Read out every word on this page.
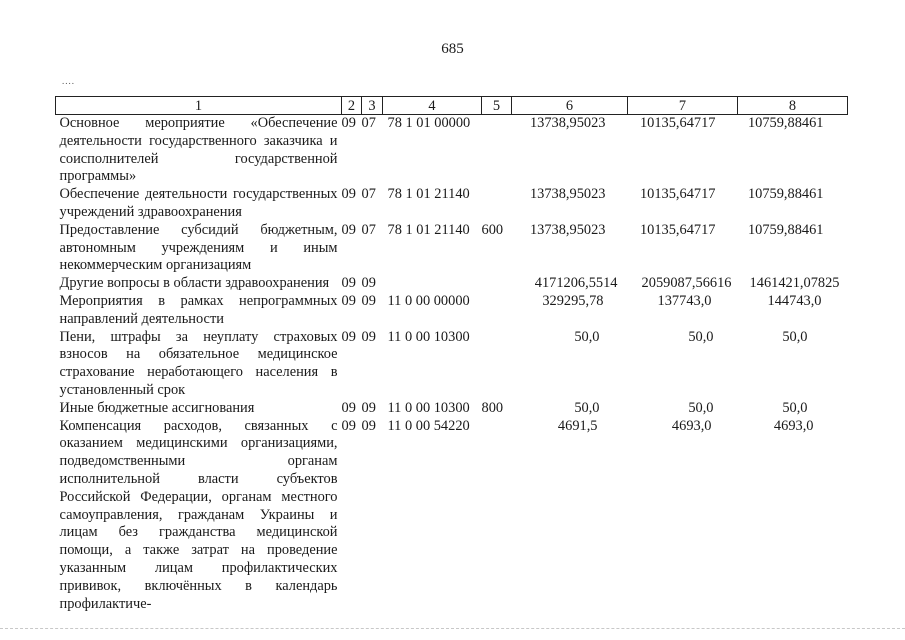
685
....
1	2	3	4	5	6	7	8
Основное мероприятие «Обеспечение деятельности государственного заказчика и соисполнителей государственной программы»	09	07	78 1 01 00000		13738,95023	10135,64717	10759,88461
Обеспечение деятельности государственных учреждений здравоохранения	09	07	78 1 01 21140		13738,95023	10135,64717	10759,88461
Предоставление субсидий бюджетным, автономным учреждениям и иным некоммерческим организациям	09	07	78 1 01 21140	600	13738,95023	10135,64717	10759,88461
Другие вопросы в области здравоохранения	09	09			4171206,5514	2059087,56616	1461421,07825
Мероприятия в рамках непрограммных направлений деятельности	09	09	11 0 00 00000		329295,78	137743,0	144743,0
Пени, штрафы за неуплату страховых взносов на обязательное медицинское страхование неработающего населения в установленный срок	09	09	11 0 00 10300		50,0	50,0	50,0
Иные бюджетные ассигнования	09	09	11 0 00 10300	800	50,0	50,0	50,0
Компенсация расходов, связанных с оказанием медицинскими организациями, подведомственными органам исполнительной власти субъектов Российской Федерации, органам местного самоуправления, гражданам Украины и лицам без гражданства медицинской помощи, а также затрат на проведение указанным лицам профилактических прививок, включённых в календарь профилактиче-	09	09	11 0 00 54220		4691,5	4693,0	4693,0
